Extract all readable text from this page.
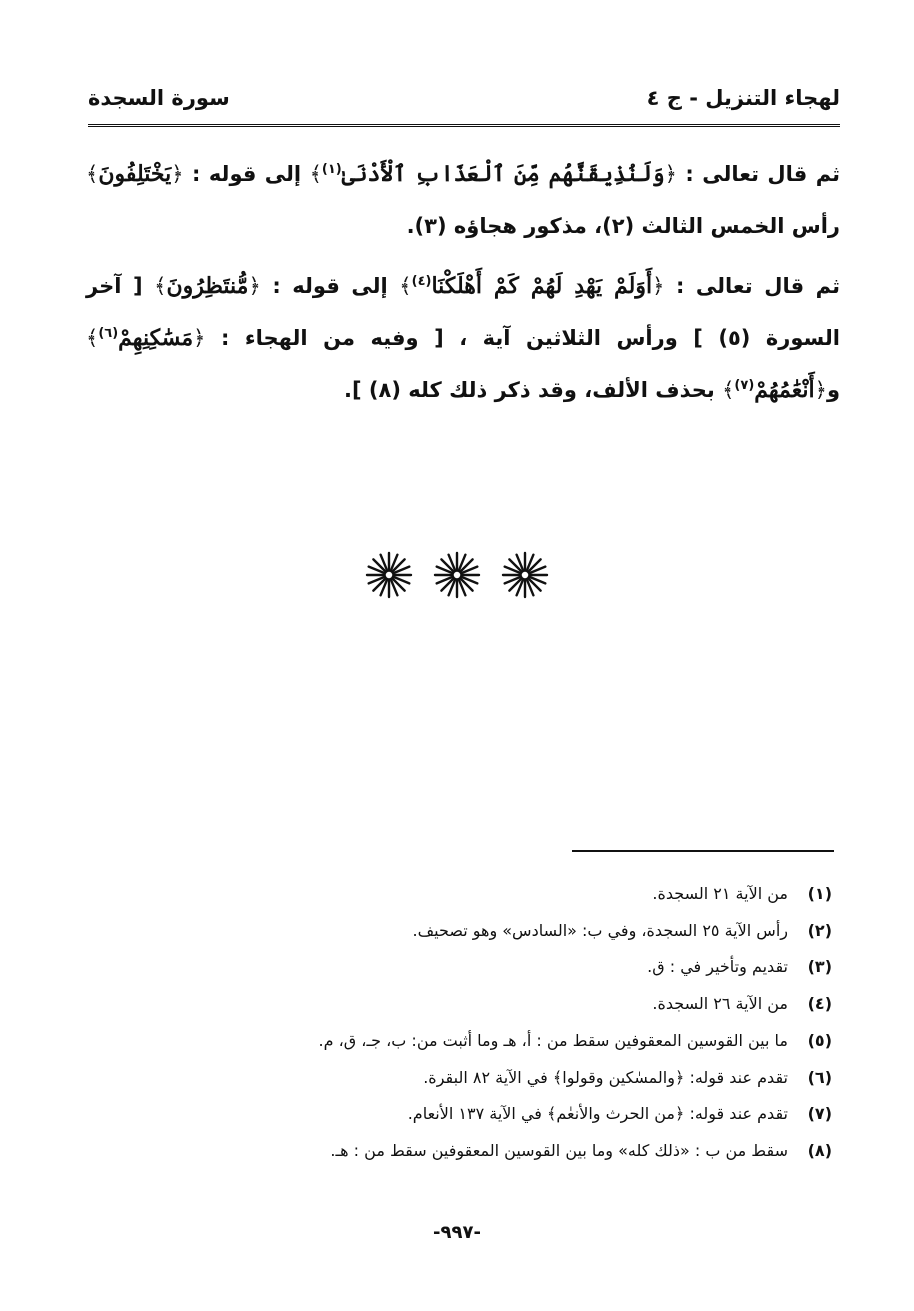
لهجاء التنزيل - ج ٤
سورة السجدة

ثم قال تعالى : ﴿وَلَنُذِيقَنَّهُم مِّنَ ٱلْعَذَابِ ٱلْأَدْنَىٰ$^{(١)}$﴾ إلى قوله : ﴿يَخْتَلِفُونَ﴾ رأس الخمس الثالث (٢)، مذكور هجاؤه (٣).

ثم قال تعالى : ﴿أَوَلَمْ يَهْدِ لَهُمْ كَمْ أَهْلَكْنَا$^{(٤)}$﴾ إلى قوله : ﴿مُّنتَظِرُونَ﴾ [ آخر السورة (٥) ] ورأس الثلاثين آية ، [ وفيه من الهجاء : ﴿مَسَٰكِنِهِمْ$^{(٦)}$﴾ و﴿أَنْعَٰمُهُمْ$^{(٧)}$﴾ بحذف الألف، وقد ذكر ذلك كله (٨) ].

(١)من الآية ٢١ السجدة.
(٢)رأس الآية ٢٥ السجدة، وفي ب: «السادس» وهو تصحيف.
(٣)تقديم وتأخير في : ق.
(٤)من الآية ٢٦ السجدة.
(٥)ما بين القوسين المعقوفين سقط من : أ، هـ وما أثبت من: ب، جـ، ق، م.
(٦)تقدم عند قوله: ﴿والمسٰكين وقولوا﴾ في الآية ٨٢ البقرة.
(٧)تقدم عند قوله: ﴿من الحرث والأنعٰم﴾ في الآية ١٣٧ الأنعام.
(٨)سقط من ب : «ذلك كله» وما بين القوسين المعقوفين سقط من : هـ.
-٩٩٧-
